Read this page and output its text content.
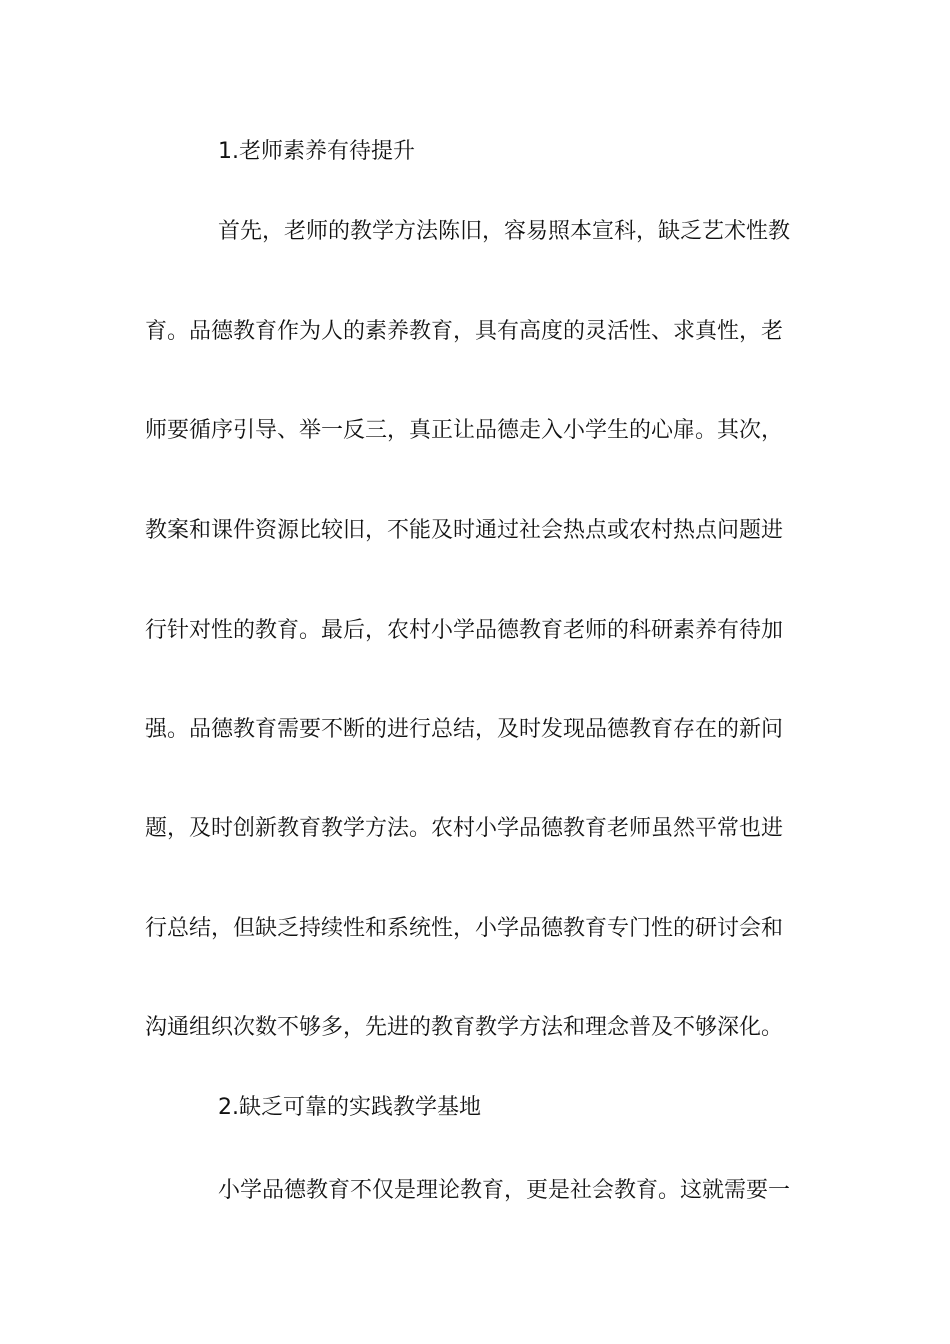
1.老师素养有待提升
首先，老师的教学方法陈旧，容易照本宣科，缺乏艺术性教
育。品德教育作为人的素养教育，具有高度的灵活性、求真性，老
师要循序引导、举一反三，真正让品德走入小学生的心扉。其次，
教案和课件资源比较旧，不能及时通过社会热点或农村热点问题进
行针对性的教育。最后，农村小学品德教育老师的科研素养有待加
强。品德教育需要不断的进行总结，及时发现品德教育存在的新问
题，及时创新教育教学方法。农村小学品德教育老师虽然平常也进
行总结，但缺乏持续性和系统性，小学品德教育专门性的研讨会和
沟通组织次数不够多，先进的教育教学方法和理念普及不够深化。
2.缺乏可靠的实践教学基地
小学品德教育不仅是理论教育，更是社会教育。这就需要一
